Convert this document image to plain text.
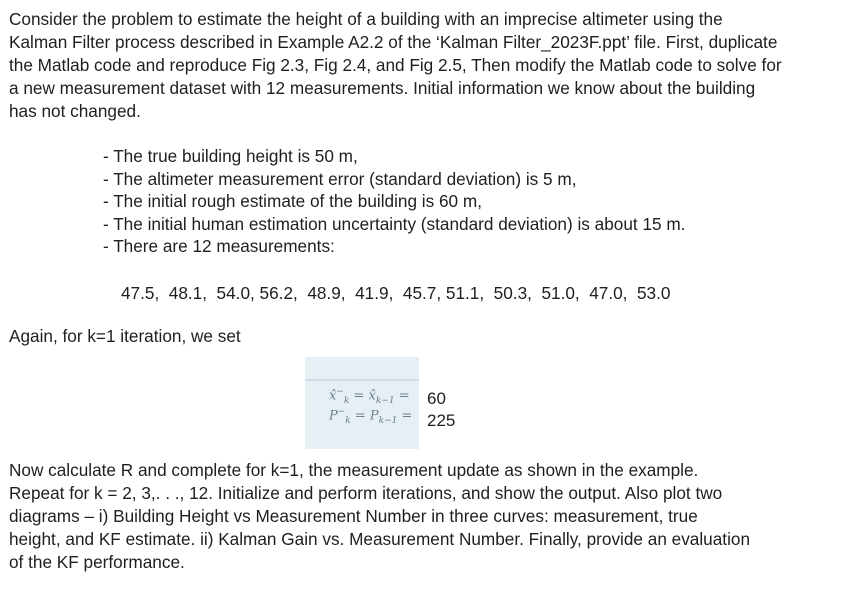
Consider the problem to estimate the height of a building with an imprecise altimeter using the
Kalman Filter process described in Example A2.2 of the ‘Kalman Filter_2023F.ppt’ file. First, duplicate
the Matlab code and reproduce Fig 2.3, Fig 2.4, and Fig 2.5, Then modify the Matlab code to solve for
a new measurement dataset with 12 measurements. Initial information we know about the building
has not changed.
- The true building height is 50 m,
- The altimeter measurement error (standard deviation) is 5 m,
- The initial rough estimate of the building is 60 m,
- The initial human estimation uncertainty (standard deviation) is about 15 m.
- There are 12 measurements:
47.5,  48.1,  54.0, 56.2,  48.9,  41.9,  45.7, 51.1,  50.3,  51.0,  47.0,  53.0
Again, for k=1 iteration, we set
$x̂^-_k$ = $x̂_{k-1}$ =
$P^-_k = P_{k-1}$ =
60
225
Now calculate R and complete for k=1, the measurement update as shown in the example.
Repeat for k = 2, 3,. . ., 12. Initialize and perform iterations, and show the output. Also plot two
diagrams – i) Building Height vs Measurement Number in three curves: measurement, true
height, and KF estimate. ii) Kalman Gain vs. Measurement Number. Finally, provide an evaluation
of the KF performance.
